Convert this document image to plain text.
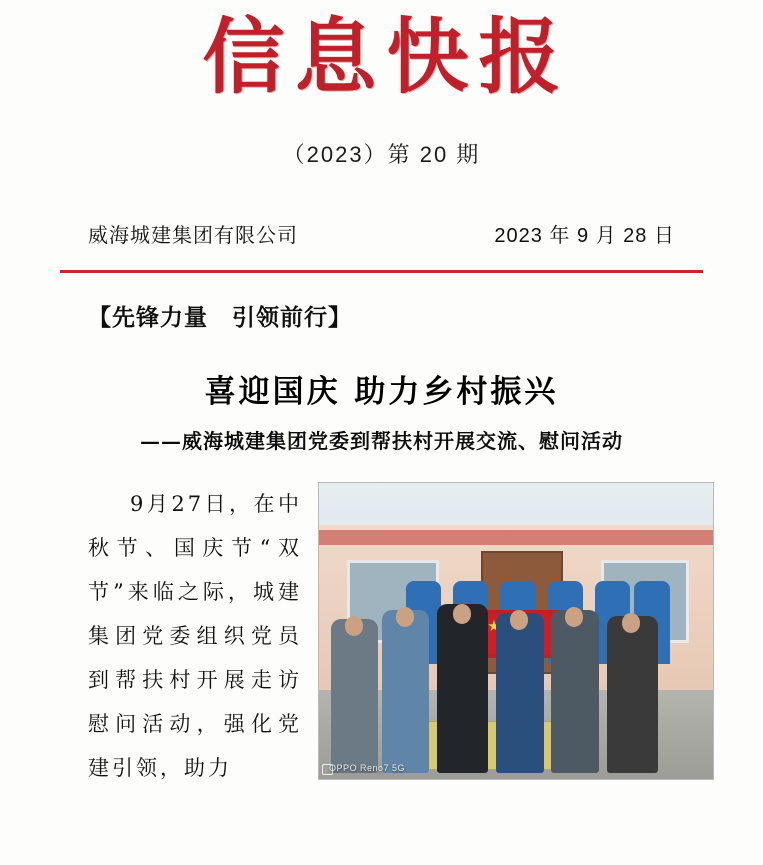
信息快报
（2023）第 20 期
威海城建集团有限公司	2023 年 9 月 28 日
【先锋力量　引领前行】
喜迎国庆 助力乡村振兴
——威海城建集团党委到帮扶村开展交流、慰问活动

9月27日，在中秋节、国庆节“双节”来临之际，城建集团党委组织党员到帮扶村开展走访慰问活动，强化党建引领，助力

★	OPPO Reno7 5G
